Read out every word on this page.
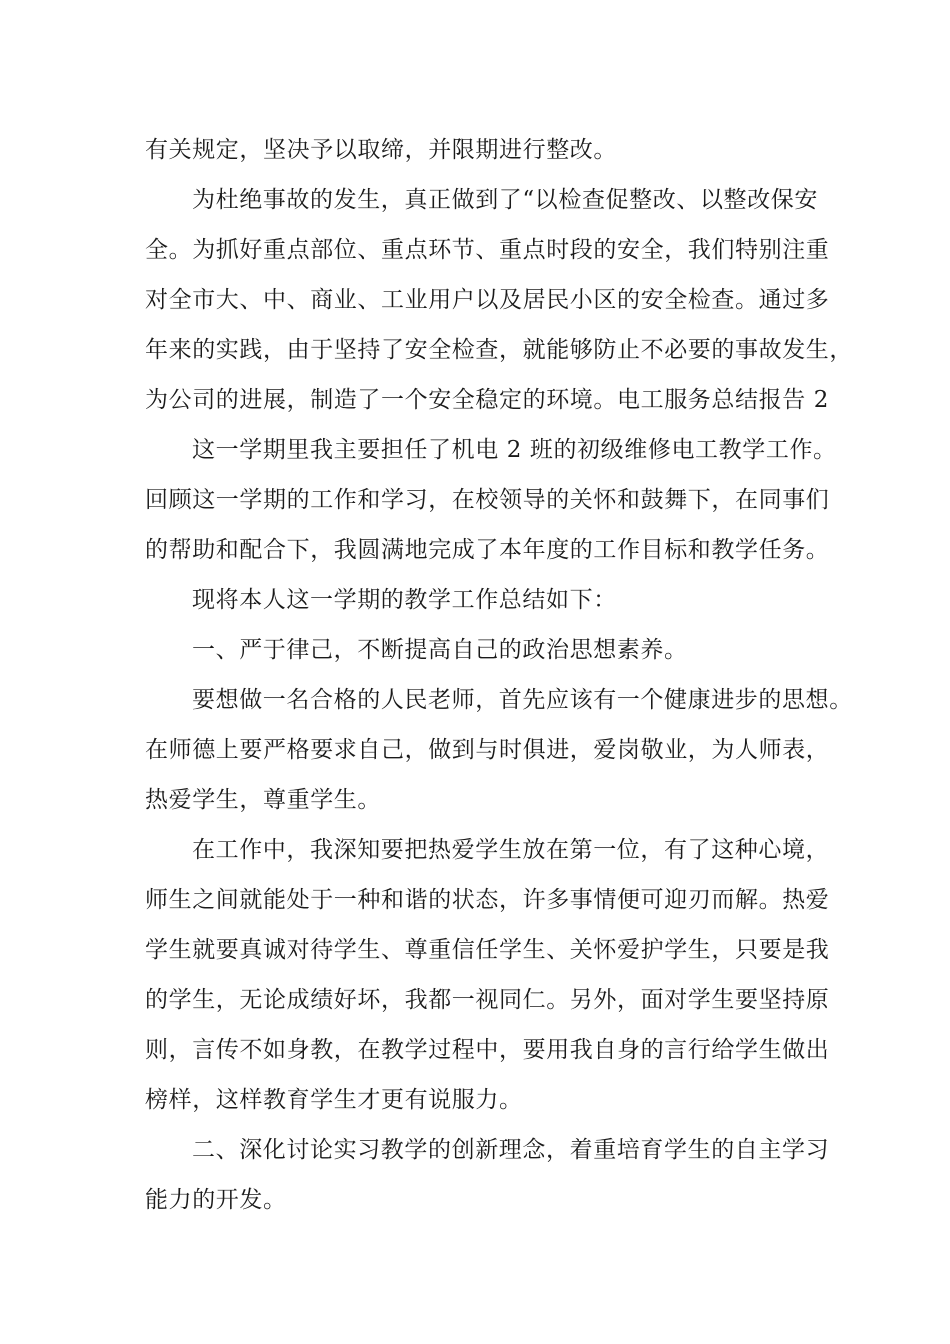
有关规定，坚决予以取缔，并限期进行整改。
为杜绝事故的发生，真正做到了“以检查促整改、以整改保安
全。为抓好重点部位、重点环节、重点时段的安全，我们特别注重
对全市大、中、商业、工业用户以及居民小区的安全检查。通过多
年来的实践，由于坚持了安全检查，就能够防止不必要的事故发生，
为公司的进展，制造了一个安全稳定的环境。电工服务总结报告 2
这一学期里我主要担任了机电 2 班的初级维修电工教学工作。
回顾这一学期的工作和学习，在校领导的关怀和鼓舞下，在同事们
的帮助和配合下，我圆满地完成了本年度的工作目标和教学任务。
现将本人这一学期的教学工作总结如下：
一、严于律己，不断提高自己的政治思想素养。
要想做一名合格的人民老师，首先应该有一个健康进步的思想。
在师德上要严格要求自己，做到与时俱进，爱岗敬业，为人师表，
热爱学生，尊重学生。
在工作中，我深知要把热爱学生放在第一位，有了这种心境，
师生之间就能处于一种和谐的状态，许多事情便可迎刃而解。热爱
学生就要真诚对待学生、尊重信任学生、关怀爱护学生，只要是我
的学生，无论成绩好坏，我都一视同仁。另外，面对学生要坚持原
则，言传不如身教，在教学过程中，要用我自身的言行给学生做出
榜样，这样教育学生才更有说服力。
二、深化讨论实习教学的创新理念，着重培育学生的自主学习
能力的开发。
